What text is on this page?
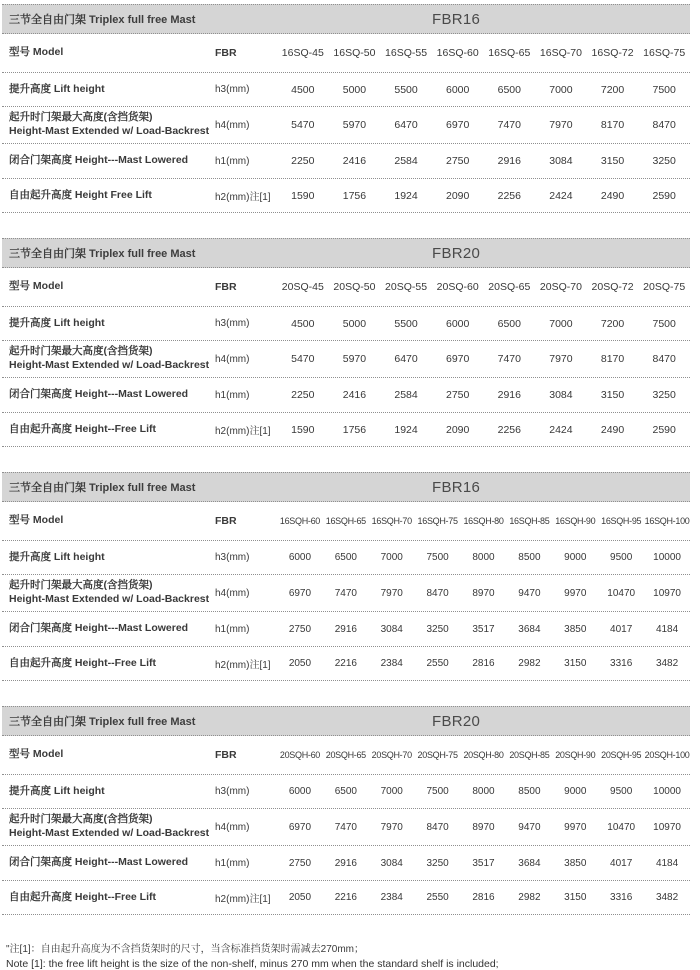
三节全自由门架 Triplex full free Mast	FBR16
型号 Model	FBR	16SQ-45 16SQ-50 16SQ-55 16SQ-60 16SQ-65 16SQ-70 16SQ-72 16SQ-75
提升高度 Lift height	h3(mm)	4500	5000	5500	6000	6500	7000	7200	7500
起升时门架最大高度(含挡货架)
Height-Mast Extended w/ Load-Backrest h4(mm)	5470	5970	6470	6970	7470	7970	8170	8470
闭合门架高度 Height---Mast Lowered	h1(mm)	2250	2416	2584	2750	2916	3084	3150	3250
自由起升高度 Height Free Lift	h2(mm)注[1]	1590	1756	1924	2090	2256	2424	2490	2590
三节全自由门架 Triplex full free Mast	FBR20
型号 Model	FBR	20SQ-45 20SQ-50 20SQ-55 20SQ-60 20SQ-65 20SQ-70 20SQ-72 20SQ-75
提升高度 Lift height	h3(mm)	4500	5000	5500	6000	6500	7000	7200	7500
起升时门架最大高度(含挡货架)
Height-Mast Extended w/ Load-Backrest h4(mm)	5470	5970	6470	6970	7470	7970	8170	8470
闭合门架高度 Height---Mast Lowered	h1(mm)	2250	2416	2584	2750	2916	3084	3150	3250
自由起升高度 Height--Free Lift	h2(mm)注[1]	1590	1756	1924	2090	2256	2424	2490	2590
三节全自由门架 Triplex full free Mast	FBR16
型号 Model	FBR	16SQH-60 16SQH-65 16SQH-70 16SQH-75 16SQH-80 16SQH-85 16SQH-90 16SQH-95 16SQH-100
提升高度 Lift height	h3(mm)	6000	6500	7000	7500	8000	8500	9000	9500	10000
起升时门架最大高度(含挡货架)
Height-Mast Extended w/ Load-Backrest h4(mm)	6970	7470	7970	8470	8970	9470	9970	10470	10970
闭合门架高度 Height---Mast Lowered	h1(mm)	2750	2916	3084	3250	3517	3684	3850	4017	4184
自由起升高度 Height--Free Lift	h2(mm)注[1]	2050	2216	2384	2550	2816	2982	3150	3316	3482
三节全自由门架 Triplex full free Mast	FBR20
型号 Model	FBR	20SQH-60 20SQH-65 20SQH-70 20SQH-75 20SQH-80 20SQH-85 20SQH-90 20SQH-95 20SQH-100
提升高度 Lift height	h3(mm)	6000	6500	7000	7500	8000	8500	9000	9500	10000
起升时门架最大高度(含挡货架)
Height-Mast Extended w/ Load-Backrest h4(mm)	6970	7470	7970	8470	8970	9470	9970	10470	10970
闭合门架高度 Height---Mast Lowered	h1(mm)	2750	2916	3084	3250	3517	3684	3850	4017	4184
自由起升高度 Height--Free Lift	h2(mm)注[1]	2050	2216	2384	2550	2816	2982	3150	3316	3482
"注[1]：自由起升高度为不含挡货架时的尺寸，当含标准挡货架时需减去270mm；
Note [1]: the free lift height is the size of the non-shelf, minus 270 mm when the standard shelf is included;
